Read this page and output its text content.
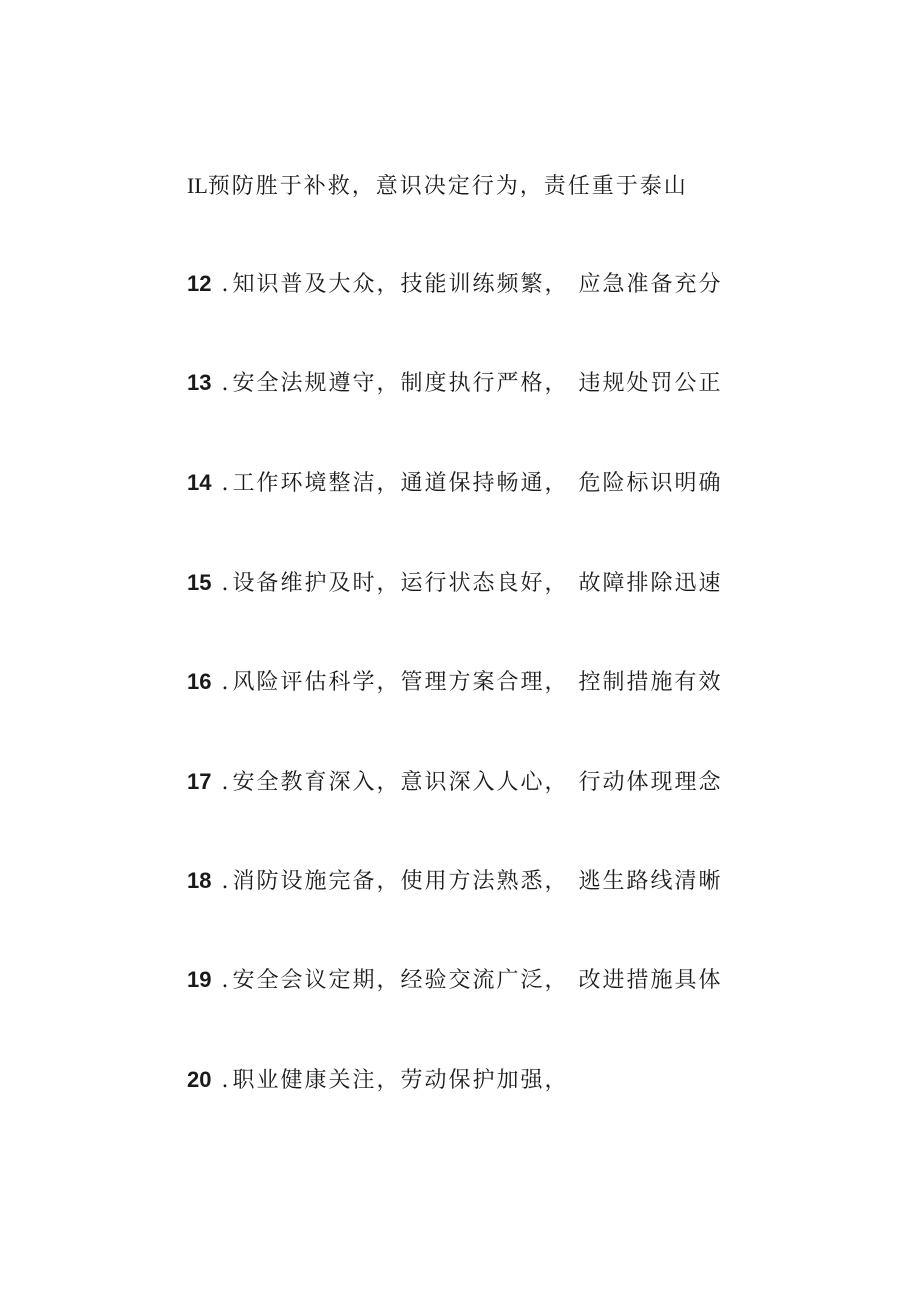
IL预防胜于补救，意识决定行为，责任重于泰山
12 . 知识普及大众，技能训练频繁， 应急准备充分
13 . 安全法规遵守，制度执行严格， 违规处罚公正
14 . 工作环境整洁，通道保持畅通， 危险标识明确
15 . 设备维护及时，运行状态良好， 故障排除迅速
16 . 风险评估科学，管理方案合理， 控制措施有效
17 . 安全教育深入，意识深入人心， 行动体现理念
18 . 消防设施完备，使用方法熟悉， 逃生路线清晰
19 . 安全会议定期，经验交流广泛， 改进措施具体
20 . 职业健康关注，劳动保护加强，
